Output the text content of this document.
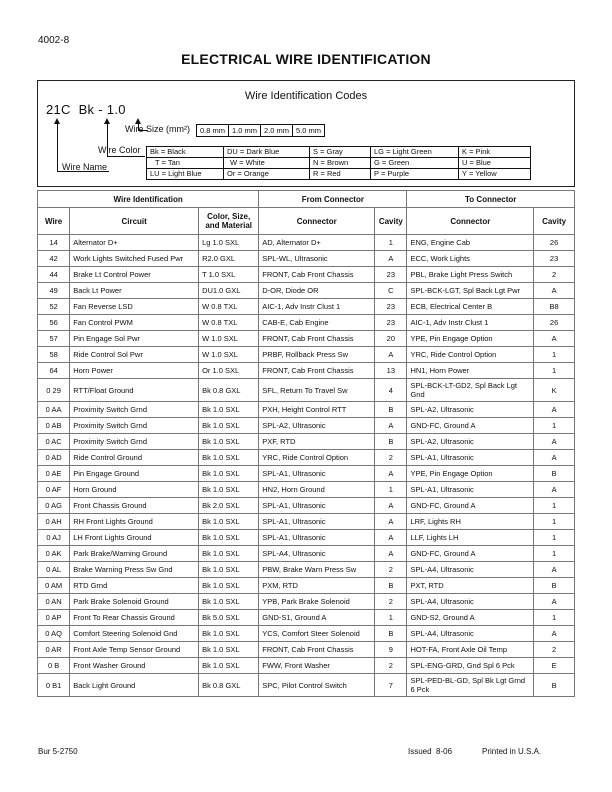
4002-8
ELECTRICAL WIRE IDENTIFICATION
Wire Identification Codes
21C  Bk - 1.0
Wire Size (mm²) 0.8 mm	1.0 mm	2.0 mm	5.0 mm
Wire Color
Wire Name
Bk = Black	DU = Dark Blue	S = Gray	LG = Light Green	K = Pink
T = Tan	W = White	N = Brown	G = Green	U = Blue
LU = Light Blue	Or = Orange	R = Red	P = Purple	Y = Yellow
Wire Identification			From Connector		To Connector	
Wire	Circuit	Color, Size, and Material	Connector	Cavity	Connector	Cavity
14	Alternator D+	Lg 1.0 SXL	AD, Alternator D+	1	ENG, Engine Cab	26
42	Work Lights Switched Fused Pwr	R2.0 GXL	SPL-WL, Ultrasonic	A	ECC, Work Lights	23
44	Brake Lt Control Power	T 1.0 SXL	FRONT, Cab Front Chassis	23	PBL, Brake Light Press Switch	2
49	Back Lt Power	DU1.0 GXL	D-OR, Diode OR	C	SPL-BCK-LGT, Spl Back Lgt Pwr	A
52	Fan Reverse LSD	W 0.8 TXL	AIC-1, Adv Instr Clust 1	23	ECB, Electrical Center B	B8
56	Fan Control PWM	W 0.8 TXL	CAB-E, Cab Engine	23	AIC-1, Adv Instr Clust 1	26
57	Pin Engage Sol Pwr	W 1.0 SXL	FRONT, Cab Front Chassis	20	YPE, Pin Engage Option	A
58	Ride Control Sol Pwr	W 1.0 SXL	PRBF, Rollback Press Sw	A	YRC, Ride Control Option	1
64	Horn Power	Or 1.0 SXL	FRONT, Cab Front Chassis	13	HN1, Horn Power	1
0 29	RTT/Float Ground	Bk 0.8 GXL	SFL, Return To Travel Sw	4	SPL-BCK-LT-GD2, Spl Back Lgt Gnd	K
0 AA	Proximity Switch Grnd	Bk 1.0 SXL	PXH, Height Control RTT	B	SPL-A2, Ultrasonic	A
0 AB	Proximity Switch Grnd	Bk 1.0 SXL	SPL-A2, Ultrasonic	A	GND-FC, Ground A	1
0 AC	Proximity Switch Grnd	Bk 1.0 SXL	PXF, RTD	B	SPL-A2, Ultrasonic	A
0 AD	Ride Control Ground	Bk 1.0 SXL	YRC, Ride Control Option	2	SPL-A1, Ultrasonic	A
0 AE	Pin Engage Ground	Bk 1.0 SXL	SPL-A1, Ultrasonic	A	YPE, Pin Engage Option	B
0 AF	Horn Ground	Bk 1.0 SXL	HN2, Horn Ground	1	SPL-A1, Ultrasonic	A
0 AG	Front Chassis Ground	Bk 2.0 SXL	SPL-A1, Ultrasonic	A	GND-FC, Ground A	1
0 AH	RH Front Lights Ground	Bk 1.0 SXL	SPL-A1, Ultrasonic	A	LRF, Lights RH	1
0 AJ	LH Front Lights Ground	Bk 1.0 SXL	SPL-A1, Ultrasonic	A	LLF, Lights LH	1
0 AK	Park Brake/Warning Ground	Bk 1.0 SXL	SPL-A4, Ultrasonic	A	GND-FC, Ground A	1
0 AL	Brake Warning Press Sw Gnd	Bk 1.0 SXL	PBW, Brake Warn Press Sw	2	SPL-A4, Ultrasonic	A
0 AM	RTD Grnd	Bk 1.0 SXL	PXM, RTD	B	PXT, RTD	B
0 AN	Park Brake Solenoid Ground	Bk 1.0 SXL	YPB, Park Brake Solenoid	2	SPL-A4, Ultrasonic	A
0 AP	Front To Rear Chassis Ground	Bk 5.0 SXL	GND-S1, Ground A	1	GND-S2, Ground A	1
0 AQ	Comfort Steering Solenoid Gnd	Bk 1.0 SXL	YCS, Comfort Steer Solenoid	B	SPL-A4, Ultrasonic	A
0 AR	Front Axle Temp Sensor Ground	Bk 1.0 SXL	FRONT, Cab Front Chassis	9	HOT-FA, Front Axle Oil Temp	2
0 B	Front Washer Ground	Bk 1.0 SXL	FWW, Front Washer	2	SPL-ENG-GRD, Gnd Spl 6 Pck	E
0 B1	Back Light Ground	Bk 0.8 GXL	SPC, Pilot Control Switch	7	SPL-PED-BL-GD, Spl Bk Lgt Grnd 6 Pck	B
Bur 5-2750	Issued  8-06	Printed in U.S.A.
